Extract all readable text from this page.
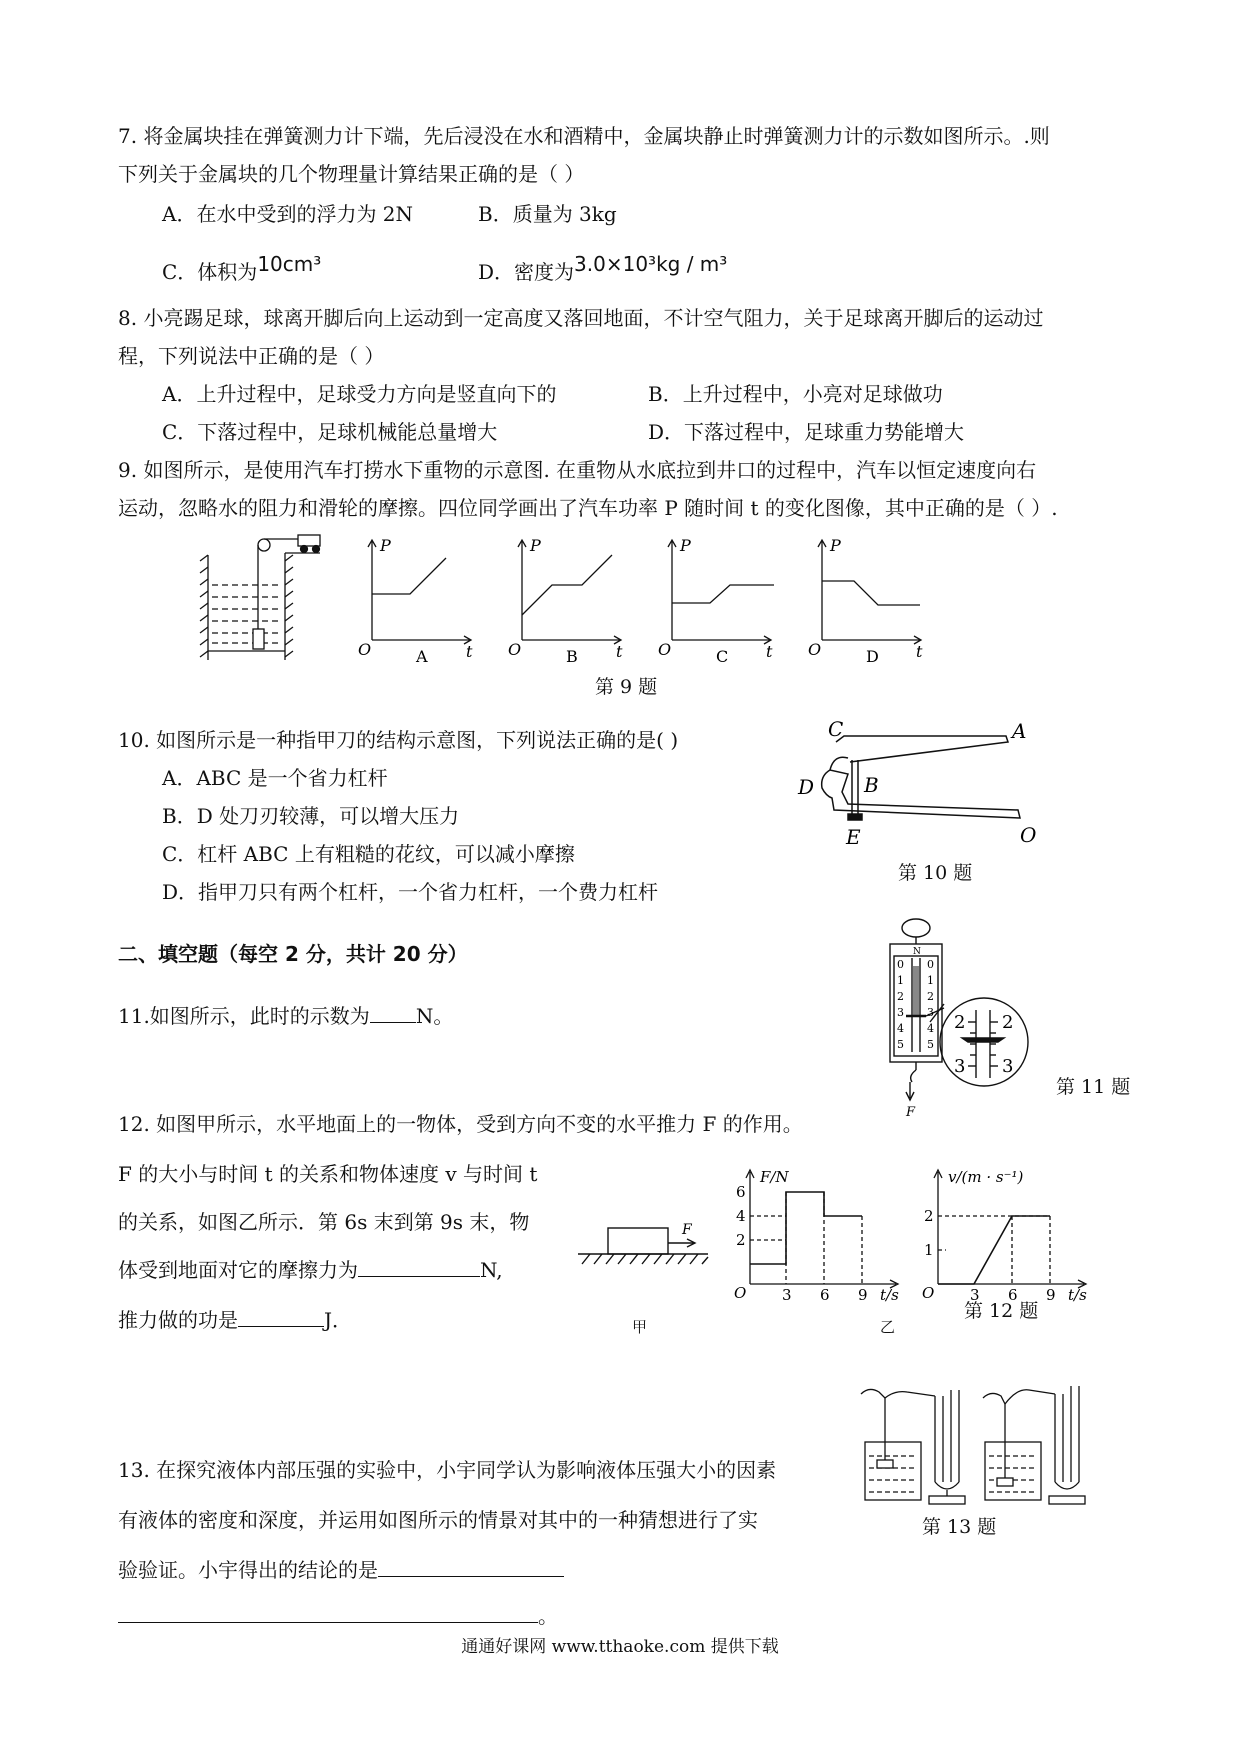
7. 将金属块挂在弹簧测力计下端，先后浸没在水和酒精中，金属块静止时弹簧测力计的示数如图所示。.则
下列关于金属块的几个物理量计算结果正确的是（ ）
A．在水中受到的浮力为 2N	B．质量为 3kg
C．体积为10cm³	D．密度为3.0×10³kg / m³
8. 小亮踢足球，球离开脚后向上运动到一定高度又落回地面，不计空气阻力，关于足球离开脚后的运动过
程，下列说法中正确的是（ ）
A．上升过程中，足球受力方向是竖直向下的	B．上升过程中，小亮对足球做功
C．下落过程中，足球机械能总量增大	D．下落过程中，足球重力势能增大
9. 如图所示，是使用汽车打捞水下重物的示意图. 在重物从水底拉到井口的过程中，汽车以恒定速度向右
运动，忽略水的阻力和滑轮的摩擦。四位同学画出了汽车功率 P 随时间 t 的变化图像，其中正确的是（ ）.
P
O	t
A
P
O	t
B
P
O	t
C
P
O	t
D
第 9 题
10. 如图所示是一种指甲刀的结构示意图，下列说法正确的是( )
A．ABC 是一个省力杠杆
B．D 处刀刃较薄，可以增大压力
C．杠杆 ABC 上有粗糙的花纹，可以减小摩擦
D．指甲刀只有两个杠杆，一个省力杠杆，一个费力杠杆
C	A
B
D
E	O
第 10 题
二、填空题（每空 2 分，共计 20 分）
11.如图所示，此时的示数为 N。
N
0
1
2
3
4
5
0
1
2
3
4
5
2 2
3 3
F
第 11 题
12. 如图甲所示，水平地面上的一物体，受到方向不变的水平推力 F 的作用。
F 的大小与时间 t 的关系和物体速度 v 与时间 t
的关系，如图乙所示．第 6s 末到第 9s 末，物
体受到地面对它的摩擦力为	N,
推力做的功是	J．
F
甲
F/N
6
4
2
O 3 6 9 t/s
乙
v/(m · s⁻¹)
2
1
O 3 6 9 t/s
第 12 题
13. 在探究液体内部压强的实验中，小宇同学认为影响液体压强大小的因素
有液体的密度和深度，并运用如图所示的情景对其中的一种猜想进行了实
验验证。小宇得出的结论的是
。
第 13 题
通通好课网 www.tthaoke.com 提供下载
